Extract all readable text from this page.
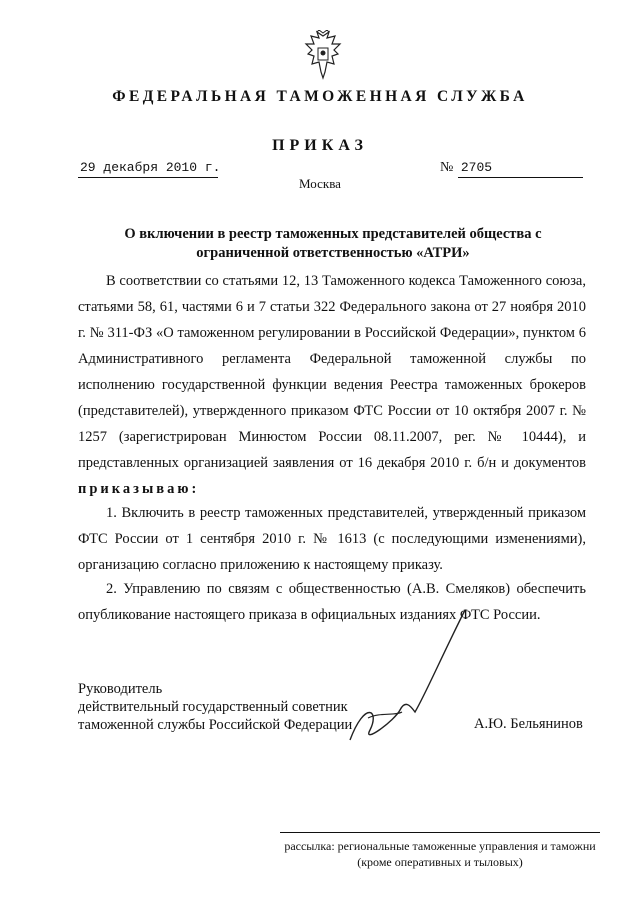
ФЕДЕРАЛЬНАЯ ТАМОЖЕННАЯ СЛУЖБА
ПРИКАЗ
29 декабря 2010 г.	№ 2705
Москва
О включении в реестр таможенных представителей общества с ограниченной ответственностью «АТРИ»
В соответствии со статьями 12, 13 Таможенного кодекса Таможенного союза, статьями 58, 61, частями 6 и 7 статьи 322 Федерального закона от 27 ноября 2010 г. № 311-ФЗ «О таможенном регулировании в Российской Федерации», пунктом 6 Административного регламента Федеральной таможенной службы по исполнению государственной функции ведения Реестра таможенных брокеров (представителей), утвержденного приказом ФТС России от 10 октября 2007 г. № 1257 (зарегистрирован Минюстом России 08.11.2007, рег. № 10444), и представленных организацией заявления от 16 декабря 2010 г. б/н и документов приказываю:
1. Включить в реестр таможенных представителей, утвержденный приказом ФТС России от 1 сентября 2010 г. № 1613 (с последующими изменениями), организацию согласно приложению к настоящему приказу.
2. Управлению по связям с общественностью (А.В. Смеляков) обеспечить опубликование настоящего приказа в официальных изданиях ФТС России.
Руководитель
действительный государственный советник
таможенной службы Российской Федерации	А.Ю. Бельянинов
рассылка: региональные таможенные управления и таможни
(кроме оперативных и тыловых)
